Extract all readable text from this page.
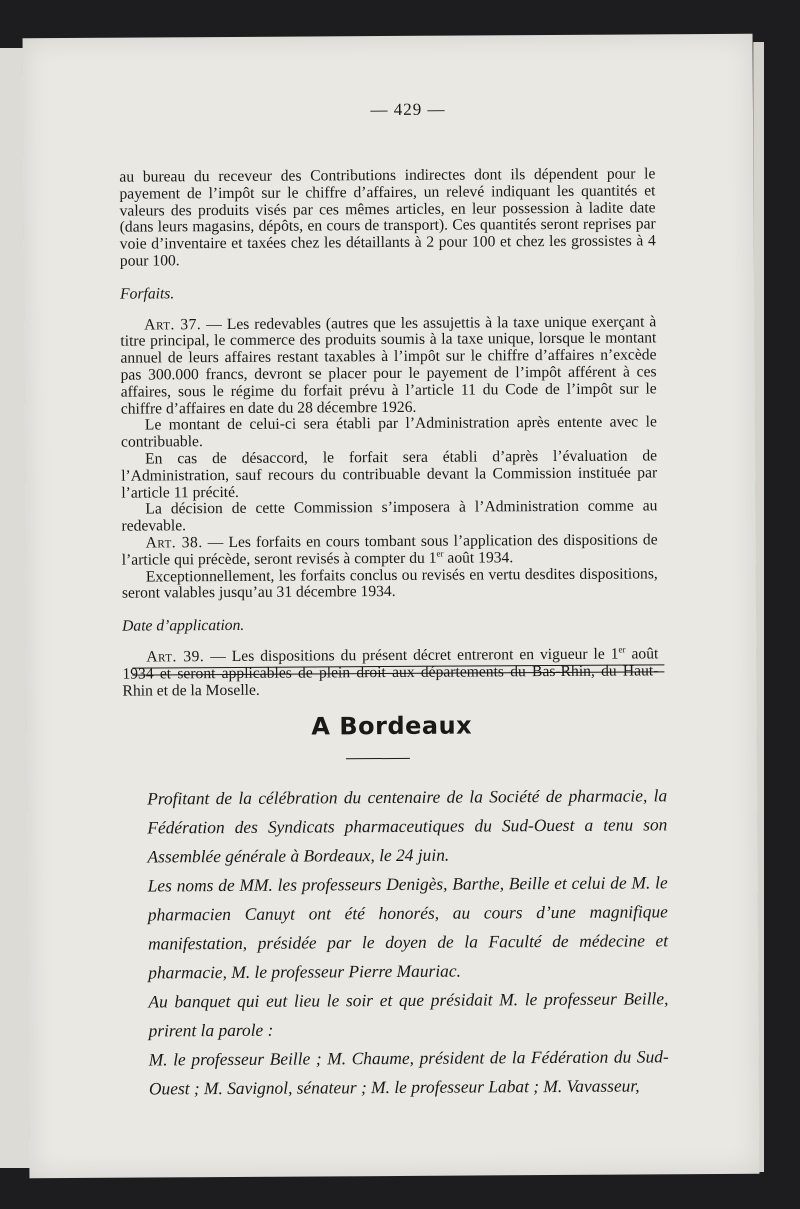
— 429 —

au bureau du receveur des Contributions indirectes dont ils dépendent pour le payement de l’impôt sur le chiffre d’affaires, un relevé indiquant les quantités et valeurs des produits visés par ces mêmes articles, en leur possession à ladite date (dans leurs magasins, dépôts, en cours de transport). Ces quantités seront reprises par voie d’inventaire et taxées chez les détaillants à 2 pour 100 et chez les grossistes à 4 pour 100.

Forfaits.

Art. 37. — Les redevables (autres que les assujettis à la taxe unique exerçant à titre principal, le commerce des produits soumis à la taxe unique, lorsque le montant annuel de leurs affaires restant taxables à l’impôt sur le chiffre d’affaires n’excède pas 300.000 francs, devront se placer pour le payement de l’impôt afférent à ces affaires, sous le régime du forfait prévu à l’article 11 du Code de l’impôt sur le chiffre d’affaires en date du 28 décembre 1926.

Le montant de celui-ci sera établi par l’Administration après entente avec le contribuable.

En cas de désaccord, le forfait sera établi d’après l’évaluation de l’Administration, sauf recours du contribuable devant la Commission instituée par l’article 11 précité.

La décision de cette Commission s’imposera à l’Administration comme au redevable.

Art. 38. — Les forfaits en cours tombant sous l’application des dispositions de l’article qui précède, seront revisés à compter du 1er août 1934.

Exceptionnellement, les forfaits conclus ou revisés en vertu desdites dispositions, seront valables jusqu’au 31 décembre 1934.

Date d’application.

Art. 39. — Les dispositions du présent décret entreront en vigueur le 1er août 1934 et seront applicables de plein droit aux départements du Bas-Rhin, du Haut-Rhin et de la Moselle.

A Bordeaux

Profitant de la célébration du centenaire de la Société de pharmacie, la Fédération des Syndicats pharmaceutiques du Sud-Ouest a tenu son Assemblée générale à Bordeaux, le 24 juin.

Les noms de MM. les professeurs Denigès, Barthe, Beille et celui de M. le pharmacien Canuyt ont été honorés, au cours d’une magnifique manifestation, présidée par le doyen de la Faculté de médecine et pharmacie, M. le professeur Pierre Mauriac.

Au banquet qui eut lieu le soir et que présidait M. le professeur Beille, prirent la parole :

M. le professeur Beille ; M. Chaume, président de la Fédération du Sud-Ouest ; M. Savignol, sénateur ; M. le professeur Labat ; M. Vavasseur,
